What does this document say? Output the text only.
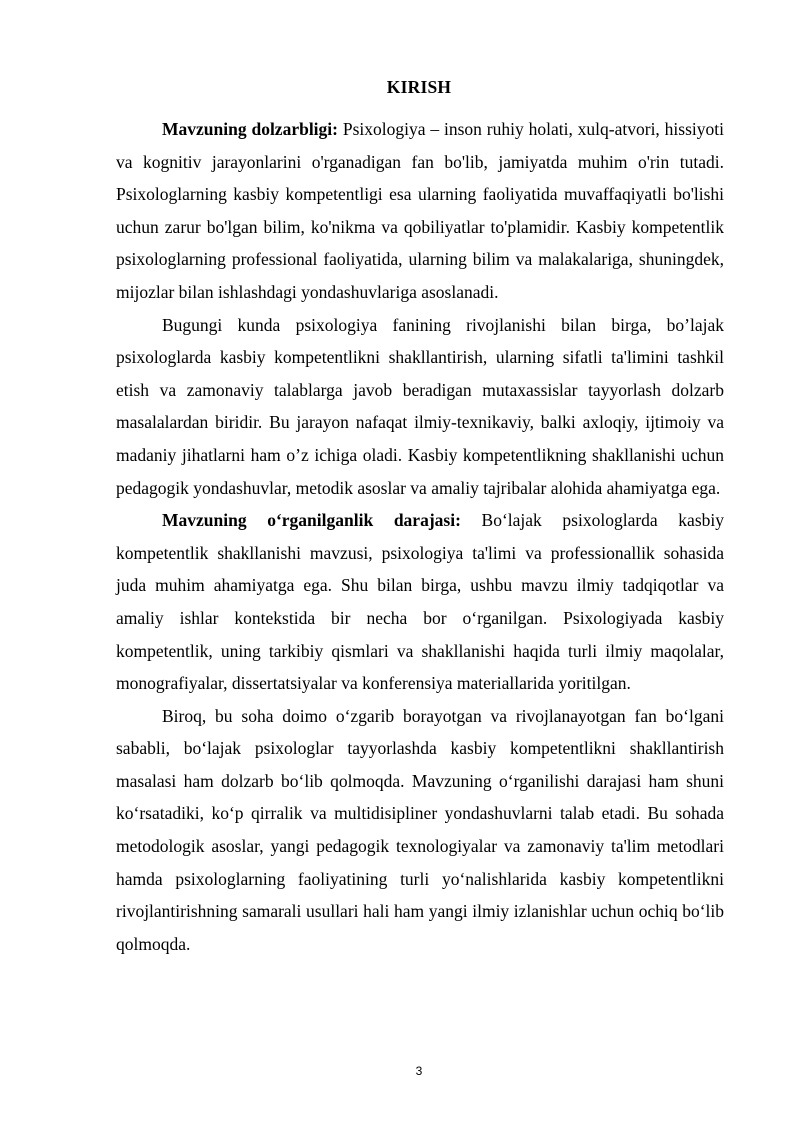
KIRISH

Mavzuning dolzarbligi: Psixologiya – inson ruhiy holati, xulq-atvori, hissiyoti va kognitiv jarayonlarini o'rganadigan fan bo'lib, jamiyatda muhim o'rin tutadi. Psixologlarning kasbiy kompetentligi esa ularning faoliyatida muvaffaqiyatli bo'lishi uchun zarur bo'lgan bilim, ko'nikma va qobiliyatlar to'plamidir. Kasbiy kompetentlik psixologlarning professional faoliyatida, ularning bilim va malakalariga, shuningdek, mijozlar bilan ishlashdagi yondashuvlariga asoslanadi.

Bugungi kunda psixologiya fanining rivojlanishi bilan birga, bo’lajak psixologlarda kasbiy kompetentlikni shakllantirish, ularning sifatli ta'limini tashkil etish va zamonaviy talablarga javob beradigan mutaxassislar tayyorlash dolzarb masalalardan biridir. Bu jarayon nafaqat ilmiy-texnikaviy, balki axloqiy, ijtimoiy va madaniy jihatlarni ham o’z ichiga oladi. Kasbiy kompetentlikning shakllanishi uchun pedagogik yondashuvlar, metodik asoslar va amaliy tajribalar alohida ahamiyatga ega.

Mavzuning oʻrganilganlik darajasi: Boʻlajak psixologlarda kasbiy kompetentlik shakllanishi mavzusi, psixologiya ta'limi va professionallik sohasida juda muhim ahamiyatga ega. Shu bilan birga, ushbu mavzu ilmiy tadqiqotlar va amaliy ishlar kontekstida bir necha bor oʻrganilgan. Psixologiyada kasbiy kompetentlik, uning tarkibiy qismlari va shakllanishi haqida turli ilmiy maqolalar, monografiyalar, dissertatsiyalar va konferensiya materiallarida yoritilgan.

Biroq, bu soha doimo oʻzgarib borayotgan va rivojlanayotgan fan boʻlgani sababli, boʻlajak psixologlar tayyorlashda kasbiy kompetentlikni shakllantirish masalasi ham dolzarb boʻlib qolmoqda. Mavzuning oʻrganilishi darajasi ham shuni koʻrsatadiki, koʻp qirralik va multidisipliner yondashuvlarni talab etadi. Bu sohada metodologik asoslar, yangi pedagogik texnologiyalar va zamonaviy ta'lim metodlari hamda psixologlarning faoliyatining turli yoʻnalishlarida kasbiy kompetentlikni rivojlantirishning samarali usullari hali ham yangi ilmiy izlanishlar uchun ochiq boʻlib qolmoqda.

3
